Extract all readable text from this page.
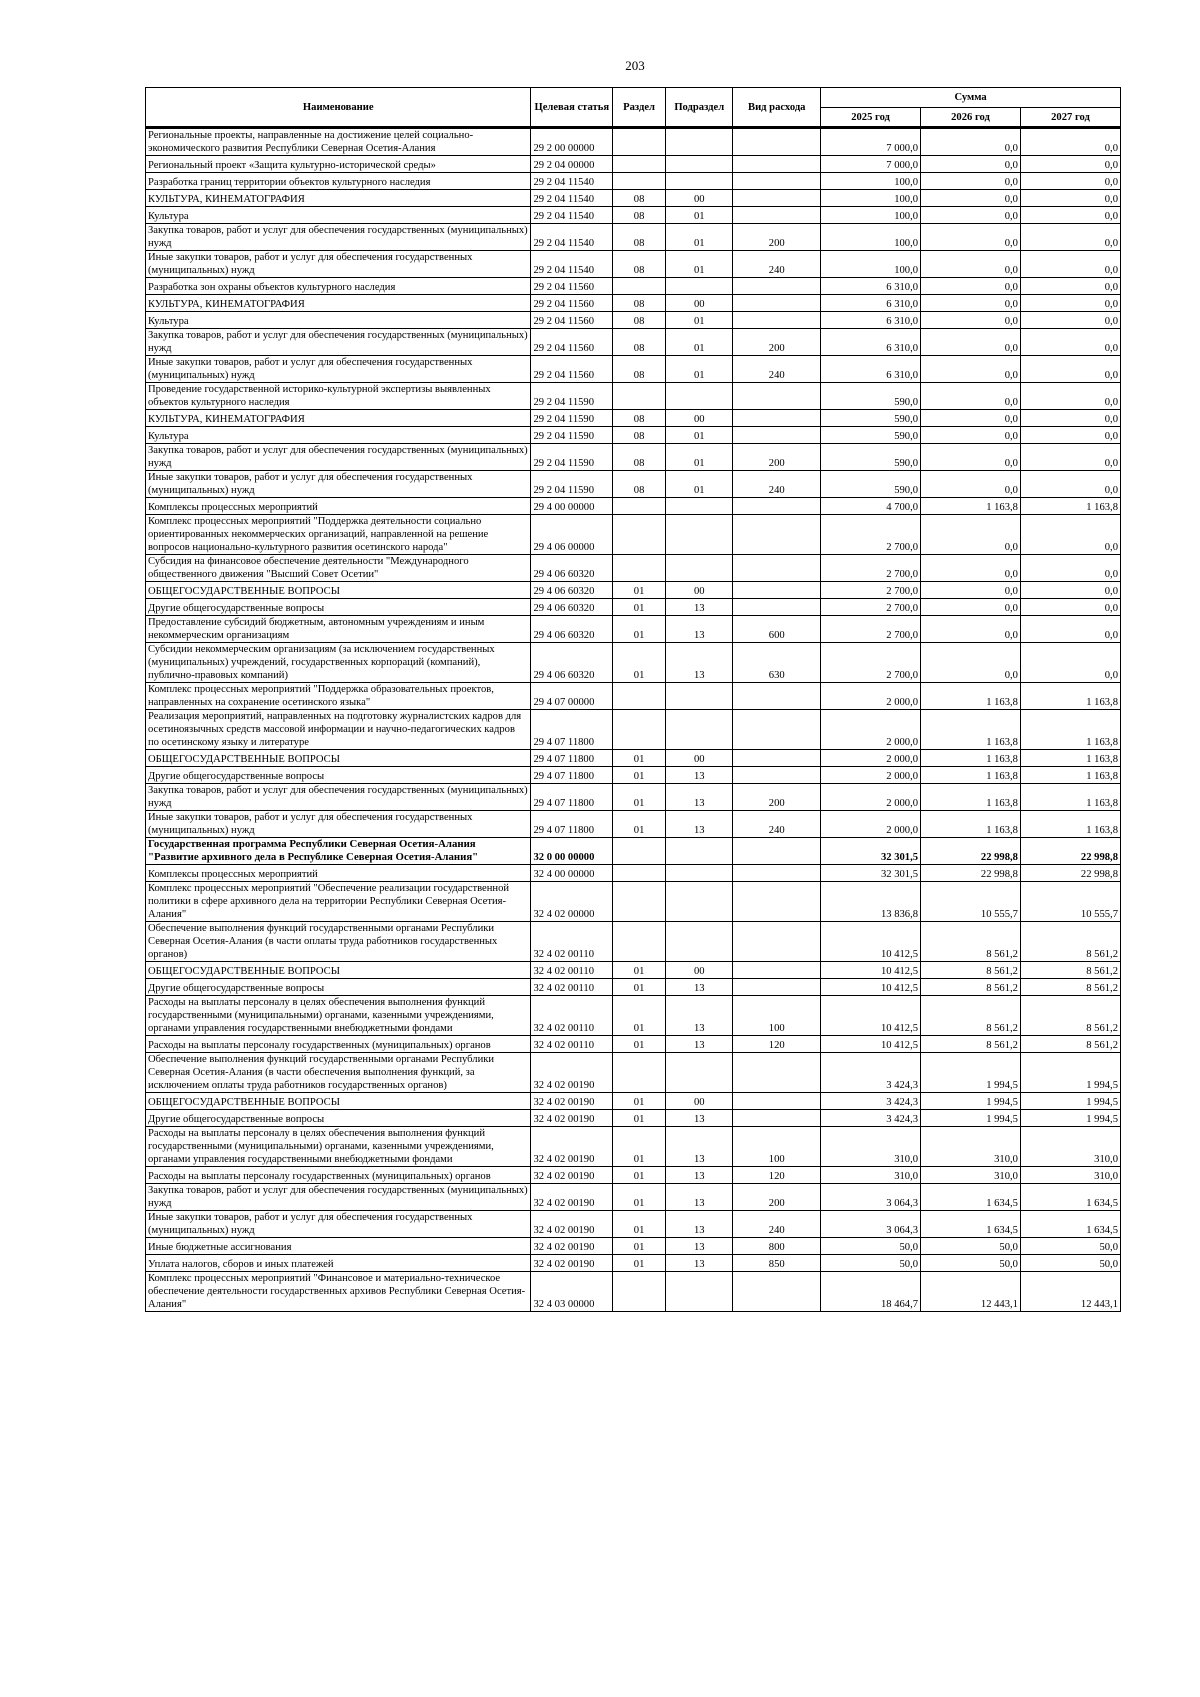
203
Наименование	Целевая статья	Раздел	Подраздел	Вид расхода	Сумма		
					2025 год	2026 год	2027 год
Региональные проекты, направленные на достижение целей социально-экономического развития Республики Северная Осетия-Алания	29 2 00 00000				7 000,0	0,0	0,0
Региональный проект «Защита культурно-исторической среды»	29 2 04 00000				7 000,0	0,0	0,0
Разработка границ территории объектов культурного наследия	29 2 04 11540				100,0	0,0	0,0
КУЛЬТУРА, КИНЕМАТОГРАФИЯ	29 2 04 11540	08	00		100,0	0,0	0,0
Культура	29 2 04 11540	08	01		100,0	0,0	0,0
Закупка товаров, работ и услуг для обеспечения государственных (муниципальных) нужд	29 2 04 11540	08	01	200	100,0	0,0	0,0
Иные закупки товаров, работ и услуг для обеспечения государственных (муниципальных) нужд	29 2 04 11540	08	01	240	100,0	0,0	0,0
Разработка зон охраны объектов культурного наследия	29 2 04 11560				6 310,0	0,0	0,0
КУЛЬТУРА, КИНЕМАТОГРАФИЯ	29 2 04 11560	08	00		6 310,0	0,0	0,0
Культура	29 2 04 11560	08	01		6 310,0	0,0	0,0
Закупка товаров, работ и услуг для обеспечения государственных (муниципальных) нужд	29 2 04 11560	08	01	200	6 310,0	0,0	0,0
Иные закупки товаров, работ и услуг для обеспечения государственных (муниципальных) нужд	29 2 04 11560	08	01	240	6 310,0	0,0	0,0
Проведение государственной историко-культурной экспертизы выявленных объектов культурного наследия	29 2 04 11590				590,0	0,0	0,0
КУЛЬТУРА, КИНЕМАТОГРАФИЯ	29 2 04 11590	08	00		590,0	0,0	0,0
Культура	29 2 04 11590	08	01		590,0	0,0	0,0
Закупка товаров, работ и услуг для обеспечения государственных (муниципальных) нужд	29 2 04 11590	08	01	200	590,0	0,0	0,0
Иные закупки товаров, работ и услуг для обеспечения государственных (муниципальных) нужд	29 2 04 11590	08	01	240	590,0	0,0	0,0
Комплексы процессных мероприятий	29 4 00 00000				4 700,0	1 163,8	1 163,8
Комплекс процессных мероприятий "Поддержка деятельности социально ориентированных некоммерческих организаций, направленной на решение вопросов национально-культурного развития осетинского народа"	29 4 06 00000				2 700,0	0,0	0,0
Субсидия на финансовое обеспечение деятельности "Международного общественного движения "Высший Совет Осетии"	29 4 06 60320				2 700,0	0,0	0,0
ОБЩЕГОСУДАРСТВЕННЫЕ ВОПРОСЫ	29 4 06 60320	01	00		2 700,0	0,0	0,0
Другие общегосударственные вопросы	29 4 06 60320	01	13		2 700,0	0,0	0,0
Предоставление субсидий бюджетным, автономным учреждениям и иным некоммерческим организациям	29 4 06 60320	01	13	600	2 700,0	0,0	0,0
Субсидии некоммерческим организациям (за исключением государственных (муниципальных) учреждений, государственных корпораций (компаний), публично-правовых компаний)	29 4 06 60320	01	13	630	2 700,0	0,0	0,0
Комплекс процессных мероприятий "Поддержка образовательных проектов, направленных на сохранение осетинского языка"	29 4 07 00000				2 000,0	1 163,8	1 163,8
Реализация мероприятий, направленных на подготовку журналистских кадров для осетиноязычных средств массовой информации и научно-педагогических кадров по осетинскому языку и литературе	29 4 07 11800				2 000,0	1 163,8	1 163,8
ОБЩЕГОСУДАРСТВЕННЫЕ ВОПРОСЫ	29 4 07 11800	01	00		2 000,0	1 163,8	1 163,8
Другие общегосударственные вопросы	29 4 07 11800	01	13		2 000,0	1 163,8	1 163,8
Закупка товаров, работ и услуг для обеспечения государственных (муниципальных) нужд	29 4 07 11800	01	13	200	2 000,0	1 163,8	1 163,8
Иные закупки товаров, работ и услуг для обеспечения государственных (муниципальных) нужд	29 4 07 11800	01	13	240	2 000,0	1 163,8	1 163,8
Государственная программа Республики Северная Осетия-Алания "Развитие архивного дела в Республике Северная Осетия-Алания"	32 0 00 00000				32 301,5	22 998,8	22 998,8
Комплексы процессных мероприятий	32 4 00 00000				32 301,5	22 998,8	22 998,8
Комплекс процессных мероприятий "Обеспечение реализации государственной политики в сфере архивного дела на территории Республики Северная Осетия-Алания"	32 4 02 00000				13 836,8	10 555,7	10 555,7
Обеспечение выполнения функций государственными органами Республики Северная Осетия-Алания (в части оплаты труда работников государственных органов)	32 4 02 00110				10 412,5	8 561,2	8 561,2
ОБЩЕГОСУДАРСТВЕННЫЕ ВОПРОСЫ	32 4 02 00110	01	00		10 412,5	8 561,2	8 561,2
Другие общегосударственные вопросы	32 4 02 00110	01	13		10 412,5	8 561,2	8 561,2
Расходы на выплаты персоналу в целях обеспечения выполнения функций государственными (муниципальными) органами, казенными учреждениями, органами управления государственными внебюджетными фондами	32 4 02 00110	01	13	100	10 412,5	8 561,2	8 561,2
Расходы на выплаты персоналу государственных (муниципальных) органов	32 4 02 00110	01	13	120	10 412,5	8 561,2	8 561,2
Обеспечение выполнения функций государственными органами Республики Северная Осетия-Алания (в части обеспечения выполнения функций, за исключением оплаты труда работников государственных органов)	32 4 02 00190				3 424,3	1 994,5	1 994,5
ОБЩЕГОСУДАРСТВЕННЫЕ ВОПРОСЫ	32 4 02 00190	01	00		3 424,3	1 994,5	1 994,5
Другие общегосударственные вопросы	32 4 02 00190	01	13		3 424,3	1 994,5	1 994,5
Расходы на выплаты персоналу в целях обеспечения выполнения функций государственными (муниципальными) органами, казенными учреждениями, органами управления государственными внебюджетными фондами	32 4 02 00190	01	13	100	310,0	310,0	310,0
Расходы на выплаты персоналу государственных (муниципальных) органов	32 4 02 00190	01	13	120	310,0	310,0	310,0
Закупка товаров, работ и услуг для обеспечения государственных (муниципальных) нужд	32 4 02 00190	01	13	200	3 064,3	1 634,5	1 634,5
Иные закупки товаров, работ и услуг для обеспечения государственных (муниципальных) нужд	32 4 02 00190	01	13	240	3 064,3	1 634,5	1 634,5
Иные бюджетные ассигнования	32 4 02 00190	01	13	800	50,0	50,0	50,0
Уплата налогов, сборов и иных платежей	32 4 02 00190	01	13	850	50,0	50,0	50,0
Комплекс процессных мероприятий "Финансовое и материально-техническое обеспечение деятельности государственных архивов Республики Северная Осетия-Алания"	32 4 03 00000				18 464,7	12 443,1	12 443,1
